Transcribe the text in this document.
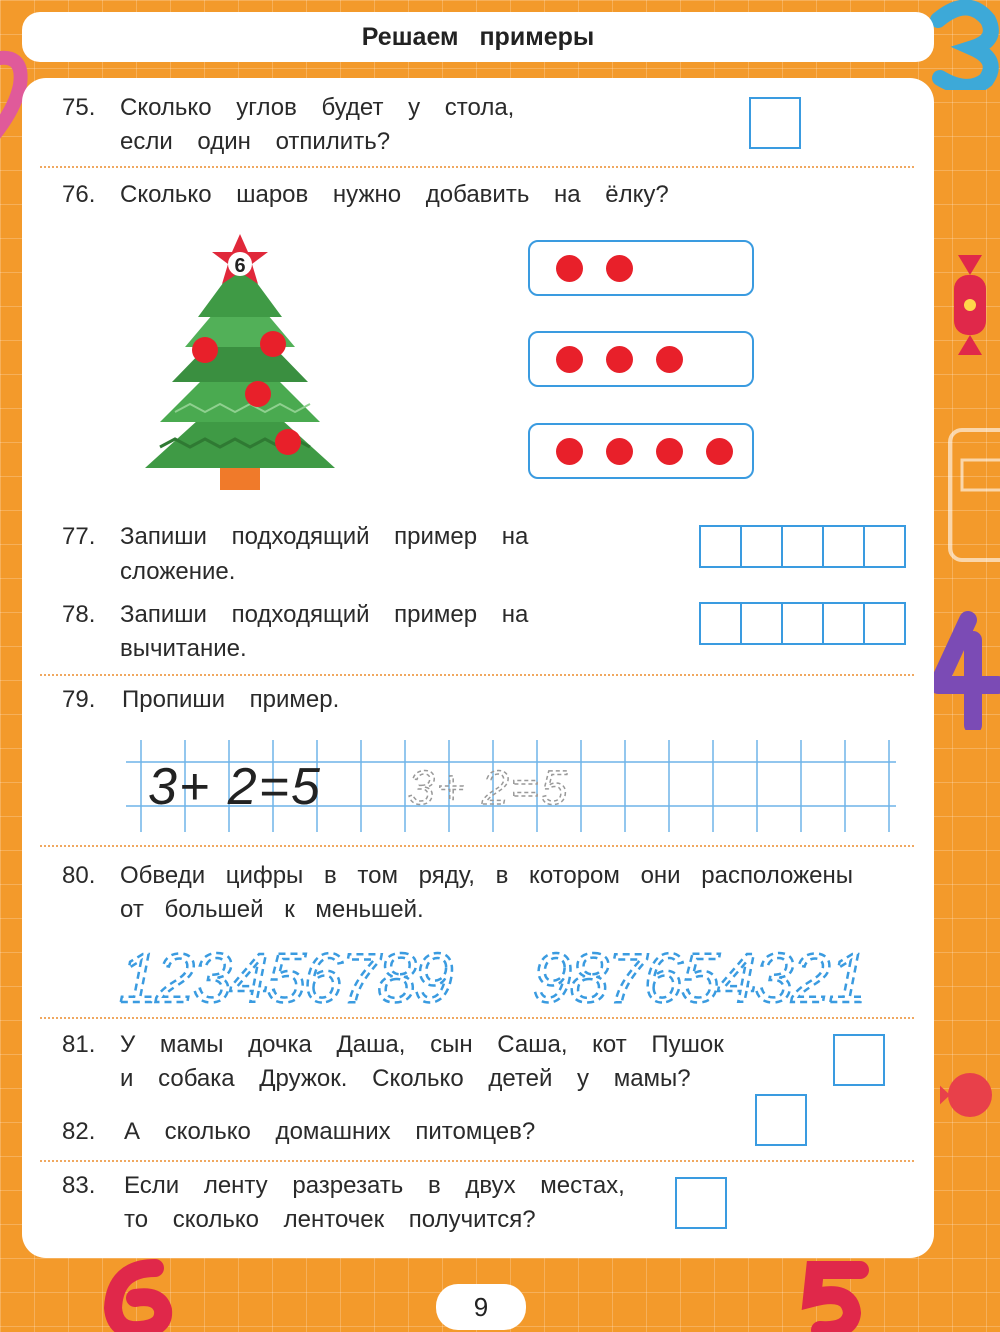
Решаем примеры
75. Сколько углов будет у стола,
если один отпилить?
76. Сколько шаров нужно добавить на ёлку?
6
77. Запиши подходящий пример на
сложение.
78. Запиши подходящий пример на
вычитание.
79. Пропиши пример.
3+ 2=5 3+ 2=5
80. Обведи цифры в том ряду, в котором они расположены
от большей к меньшей.
123456789 987654321
81. У мамы дочка Даша, сын Саша, кот Пушок
и собака Дружок. Сколько детей у мамы?
82. А сколько домашних питомцев?
83. Если ленту разрезать в двух местах,
то сколько ленточек получится?
9
